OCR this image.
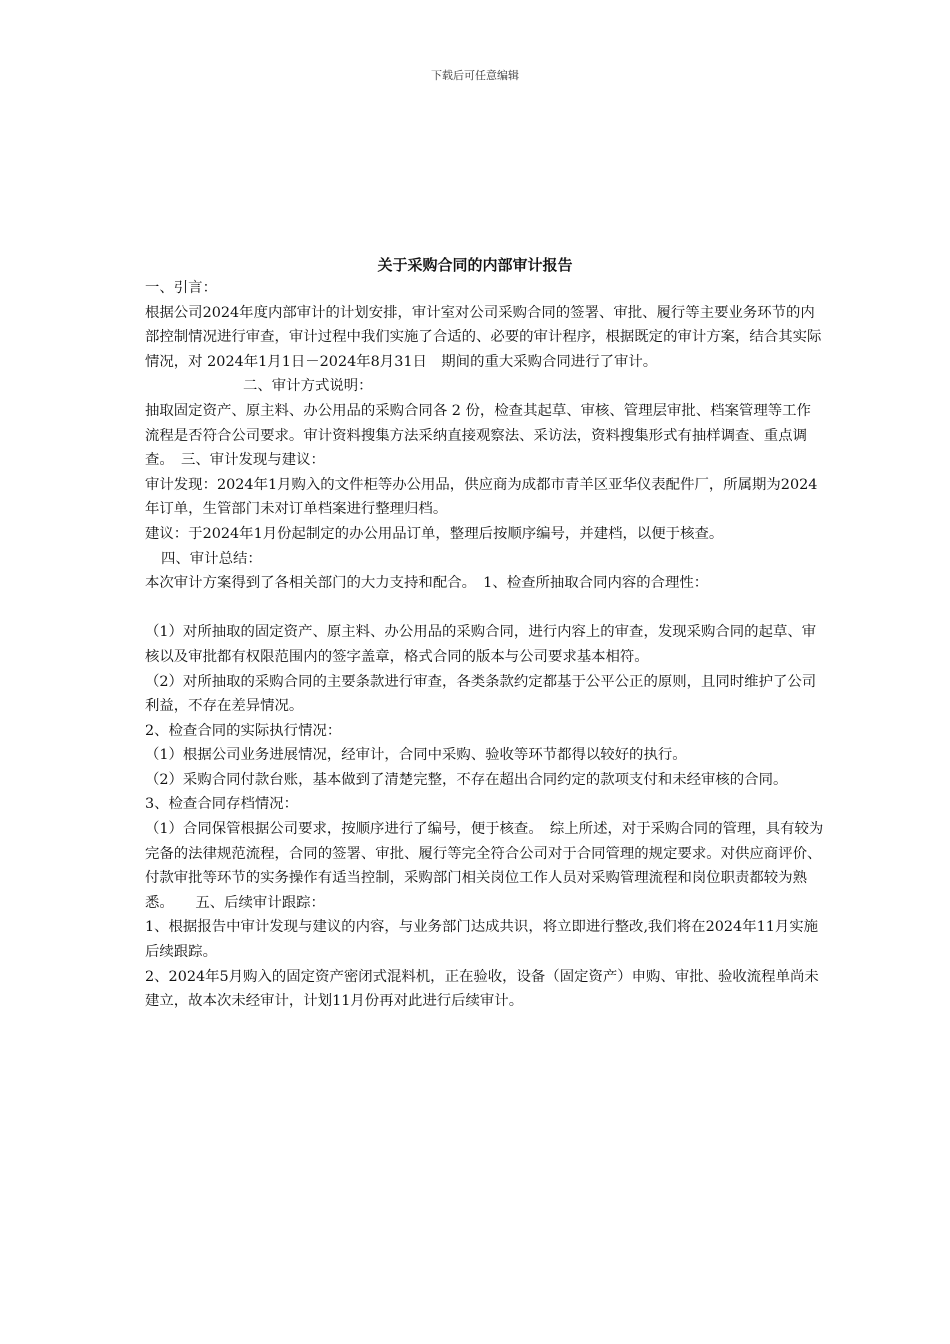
下载后可任意编辑
关于采购合同的内部审计报告

一、引言：

根据公司2024年度内部审计的计划安排，审计室对公司采购合同的签署、审批、履行等主要业务环节的内部控制情况进行审查，审计过程中我们实施了合适的、必要的审计程序，根据既定的审计方案，结合其实际情况，对 2024年1月1日－2024年8月31日　期间的重大采购合同进行了审计。

二、审计方式说明：

抽取固定资产、原主料、办公用品的采购合同各 2 份，检查其起草、审核、管理层审批、档案管理等工作流程是否符合公司要求。审计资料搜集方法采纳直接观察法、采访法，资料搜集形式有抽样调查、重点调查。　三、审计发现与建议：

审计发现：2024年1月购入的文件柜等办公用品，供应商为成都市青羊区亚华仪表配件厂，所属期为2024年订单，生管部门未对订单档案进行整理归档。

建议：于2024年1月份起制定的办公用品订单，整理后按顺序编号，并建档，以便于核查。

四、审计总结：

本次审计方案得到了各相关部门的大力支持和配合。　1、检查所抽取合同内容的合理性：

（1）对所抽取的固定资产、原主料、办公用品的采购合同，进行内容上的审查，发现采购合同的起草、审核以及审批都有权限范围内的签字盖章，格式合同的版本与公司要求基本相符。

（2）对所抽取的采购合同的主要条款进行审查，各类条款约定都基于公平公正的原则，且同时维护了公司利益，不存在差异情况。

2、检查合同的实际执行情况：

（1）根据公司业务进展情况，经审计，合同中采购、验收等环节都得以较好的执行。

（2）采购合同付款台账，基本做到了清楚完整，不存在超出合同约定的款项支付和未经审核的合同。

3、检查合同存档情况：

（1）合同保管根据公司要求，按顺序进行了编号，便于核查。　综上所述，对于采购合同的管理，具有较为完备的法律规范流程，合同的签署、审批、履行等完全符合公司对于合同管理的规定要求。对供应商评价、付款审批等环节的实务操作有适当控制，采购部门相关岗位工作人员对采购管理流程和岗位职责都较为熟悉。　　五、后续审计跟踪：

1、根据报告中审计发现与建议的内容，与业务部门达成共识，将立即进行整改,我们将在2024年11月实施后续跟踪。

2、2024年5月购入的固定资产密闭式混料机，正在验收，设备（固定资产）申购、审批、验收流程单尚未建立，故本次未经审计，计划11月份再对此进行后续审计。
